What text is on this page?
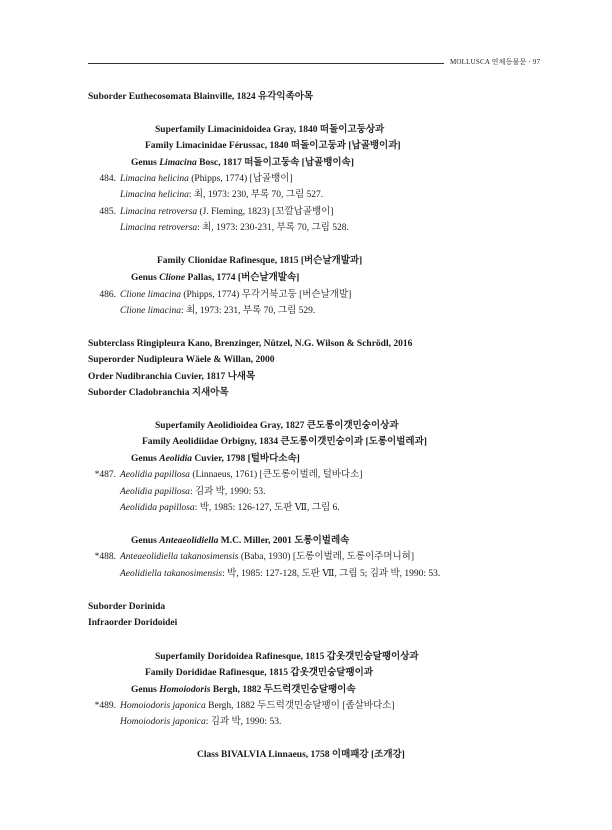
MOLLUSCA 연체동물문 · 97
Suborder Euthecosomata Blainville, 1824 유각익족아목
Superfamily Limacinidoidea Gray, 1840 떠돌이고둥상과
Family Limacinidae Férussac, 1840 떠돌이고둥과 [납골뱅이과]
Genus Limacina Bosc, 1817 떠돌이고둥속 [납골뱅이속]
484. Limacina helicina (Phipps, 1774) [납골뱅이]
Limacina helicina: 최, 1973: 230, 부록 70, 그림 527.
485. Limacina retroversa (J. Fleming, 1823) [꼬깔납골뱅이]
Limacina retroversa: 최, 1973: 230-231, 부록 70, 그림 528.
Family Clionidae Rafinesque, 1815 [버슨날개발과]
Genus Clione Pallas, 1774 [버슨날개발속]
486. Clione limacina (Phipps, 1774) 무각거북고둥 [버슨날개발]
Clione limacina: 최, 1973: 231, 부록 70, 그림 529.
Subterclass Ringipleura Kano, Brenzinger, Nützel, N.G. Wilson & Schrödl, 2016
Superorder Nudipleura Wäele & Willan, 2000
Order Nudibranchia Cuvier, 1817 나새목
Suborder Cladobranchia 지새아목
Superfamily Aeolidioidea Gray, 1827 큰도롱이갯민숭이상과
Family Aeolidiidae Orbigny, 1834 큰도롱이갯민숭이과 [도롱이벌레과]
Genus Aeolidia Cuvier, 1798 [털바다소속]
*487. Aeolidia papillosa (Linnaeus, 1761) [큰도롱이벌레, 털바다소]
Aeolidia papillosa: 김과 박, 1990: 53.
Aeolidida papillosa: 박, 1985: 126-127, 도판 Ⅶ, 그림 6.
Genus Anteaeolidiella M.C. Miller, 2001 도롱이벌레속
*488. Anteaeolidiella takanosimensis (Baba, 1930) [도롱이벌레, 도롱이주머니혀]
Aeolidiella takanosimensis: 박, 1985: 127-128, 도판 Ⅶ, 그림 5; 김과 박, 1990: 53.
Suborder Dorinida
Infraorder Doridoidei
Superfamily Doridoidea Rafinesque, 1815 갑옷갯민숭달팽이상과
Family Dorididae Rafinesque, 1815 갑옷갯민숭달팽이과
Genus Homoiodoris Bergh, 1882 두드럭갯민숭달팽이속
*489. Homoiodoris japonica Bergh, 1882 두드럭갯민숭달팽이 [좁살바다소]
Homoiodoris japonica: 김과 박, 1990: 53.
Class BIVALVIA Linnaeus, 1758 이매패강 [조개강]
